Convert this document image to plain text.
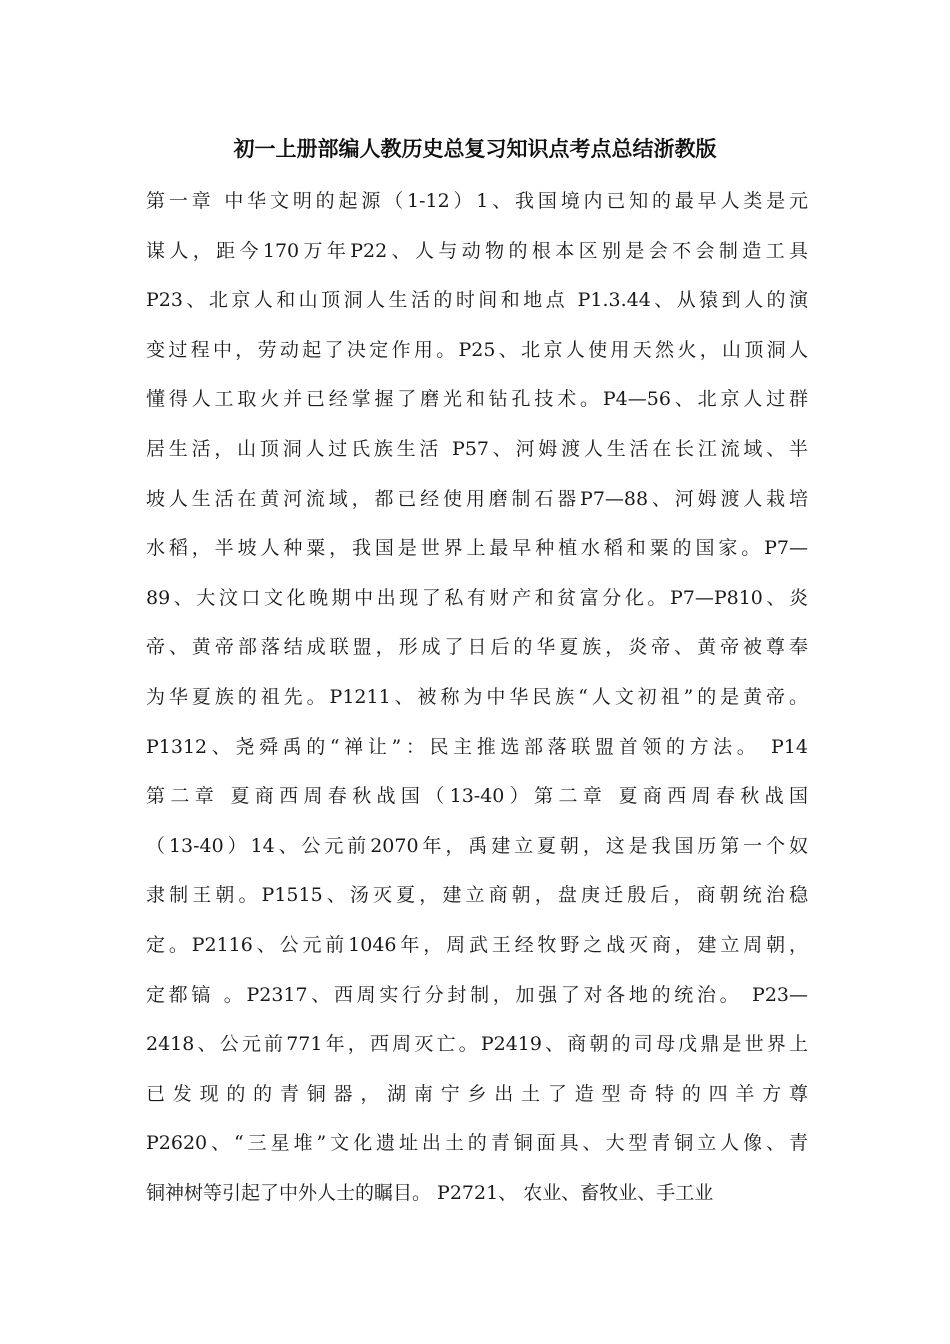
初一上册部编人教历史总复习知识点考点总结浙教版
第一章 中华文明的起源（1-12）1、我国境内已知的最早人类是元
谋人，距今170万年P22、人与动物的根本区别是会不会制造工具
P23、北京人和山顶洞人生活的时间和地点 P1.3.44、从猿到人的演
变过程中，劳动起了决定作用。P25、北京人使用天然火，山顶洞人
懂得人工取火并已经掌握了磨光和钻孔技术。P4—56、北京人过群
居生活，山顶洞人过氏族生活 P57、河姆渡人生活在长江流域、半
坡人生活在黄河流域，都已经使用磨制石器P7—88、河姆渡人栽培
水稻，半坡人种粟，我国是世界上最早种植水稻和粟的国家。P7—
89、大汶口文化晚期中出现了私有财产和贫富分化。P7—P810、炎
帝、黄帝部落结成联盟，形成了日后的华夏族，炎帝、黄帝被尊奉
为华夏族的祖先。P1211、被称为中华民族“人文初祖”的是黄帝。
P1312、尧舜禹的“禅让”：民主推选部落联盟首领的方法。 P14
第二章 夏商西周春秋战国（13-40）第二章 夏商西周春秋战国
（13-40）14、公元前2070年，禹建立夏朝，这是我国历第一个奴
隶制王朝。P1515、汤灭夏，建立商朝，盘庚迁殷后，商朝统治稳
定。P2116、公元前1046年，周武王经牧野之战灭商，建立周朝，
定都镐 。P2317、西周实行分封制，加强了对各地的统治。 P23—
2418、公元前771年，西周灭亡。P2419、商朝的司母戊鼎是世界上
已发现的的青铜器，湖南宁乡出土了造型奇特的四羊方尊
P2620、“三星堆”文化遗址出土的青铜面具、大型青铜立人像、青
铜神树等引起了中外人士的瞩目。 P2721、 农业、畜牧业、手工业
